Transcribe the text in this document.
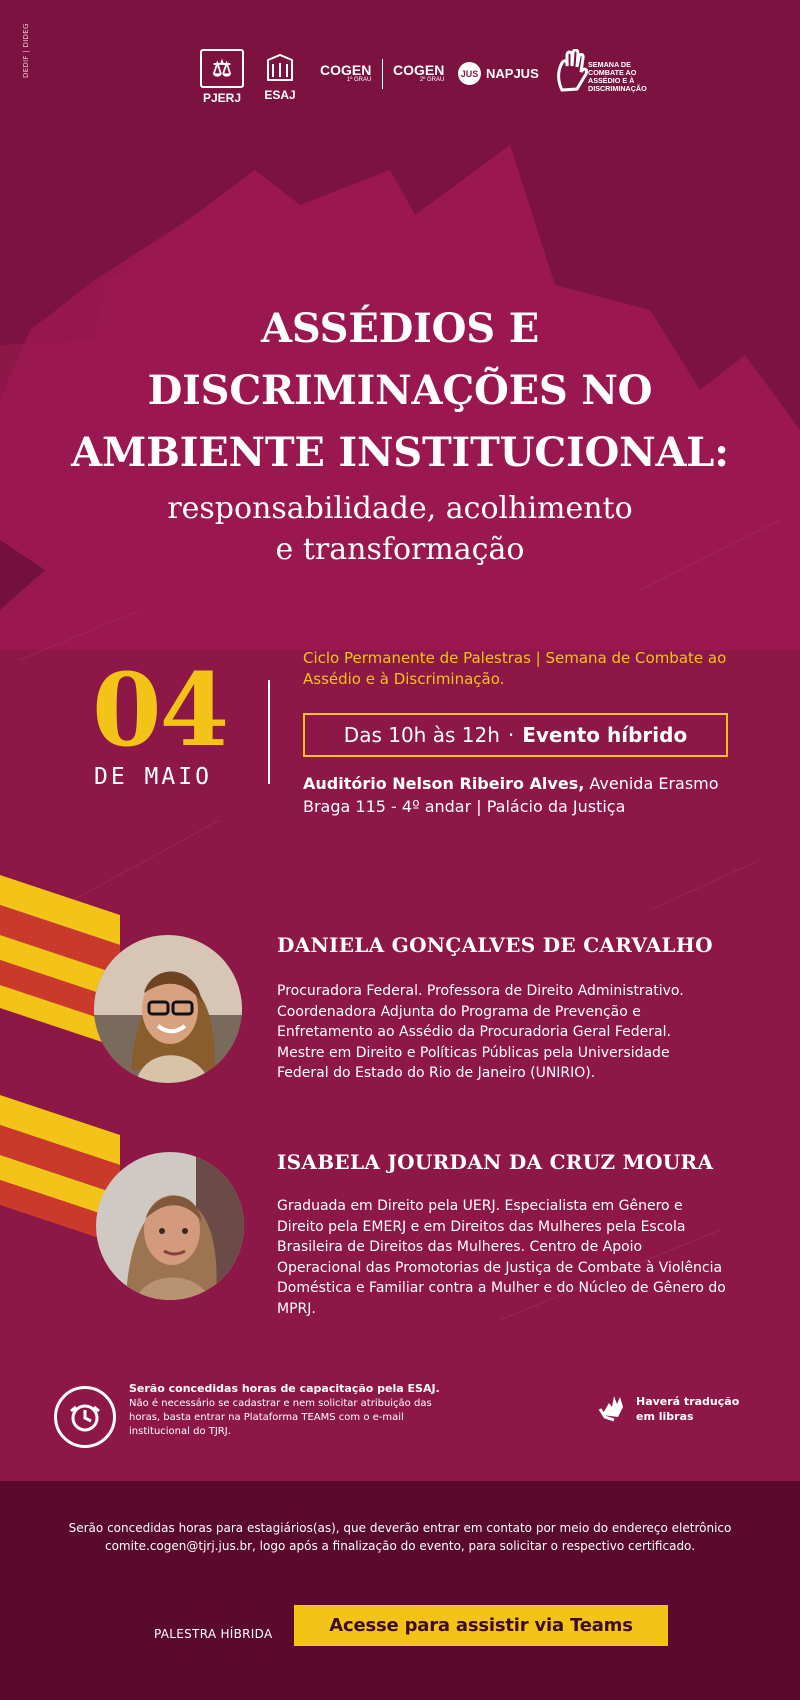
DEDIF | DIDEG	⚖
PJERJ ESAJ
COGEN
1º GRAU
COGEN
2º GRAU
JUS NAPJUS
SEMANA DE COMBATE AO ASSÉDIO E À DISCRIMINAÇÃO
ASSÉDIOS E
DISCRIMINAÇÕES NO
AMBIENTE INSTITUCIONAL:
responsabilidade, acolhimento
e transformação
04
DE MAIO
Ciclo Permanente de Palestras | Semana de Combate ao Assédio e à Discriminação.
Das 10h às 12h · Evento híbrido
Auditório Nelson Ribeiro Alves, Avenida Erasmo Braga 115 - 4º andar | Palácio da Justiça
DANIELA GONÇALVES DE CARVALHO
Procuradora Federal. Professora de Direito Administrativo. Coordenadora Adjunta do Programa de Prevenção e Enfretamento ao Assédio da Procuradoria Geral Federal. Mestre em Direito e Políticas Públicas pela Universidade Federal do Estado do Rio de Janeiro (UNIRIO).
ISABELA JOURDAN DA CRUZ MOURA
Graduada em Direito pela UERJ. Especialista em Gênero e Direito pela EMERJ e em Direitos das Mulheres pela Escola Brasileira de Direitos das Mulheres. Centro de Apoio Operacional das Promotorias de Justiça de Combate à Violência Doméstica e Familiar contra a Mulher e do Núcleo de Gênero do MPRJ.
Serão concedidas horas de capacitação pela ESAJ.
Não é necessário se cadastrar e nem solicitar atribuição das horas, basta entrar na Plataforma TEAMS com o e-mail institucional do TJRJ.
Haverá tradução em libras
Serão concedidas horas para estagiários(as), que deverão entrar em contato por meio do endereço eletrônico comite.cogen@tjrj.jus.br, logo após a finalização do evento, para solicitar o respectivo certificado.
PALESTRA HÍBRIDA	Acesse para assistir via Teams
